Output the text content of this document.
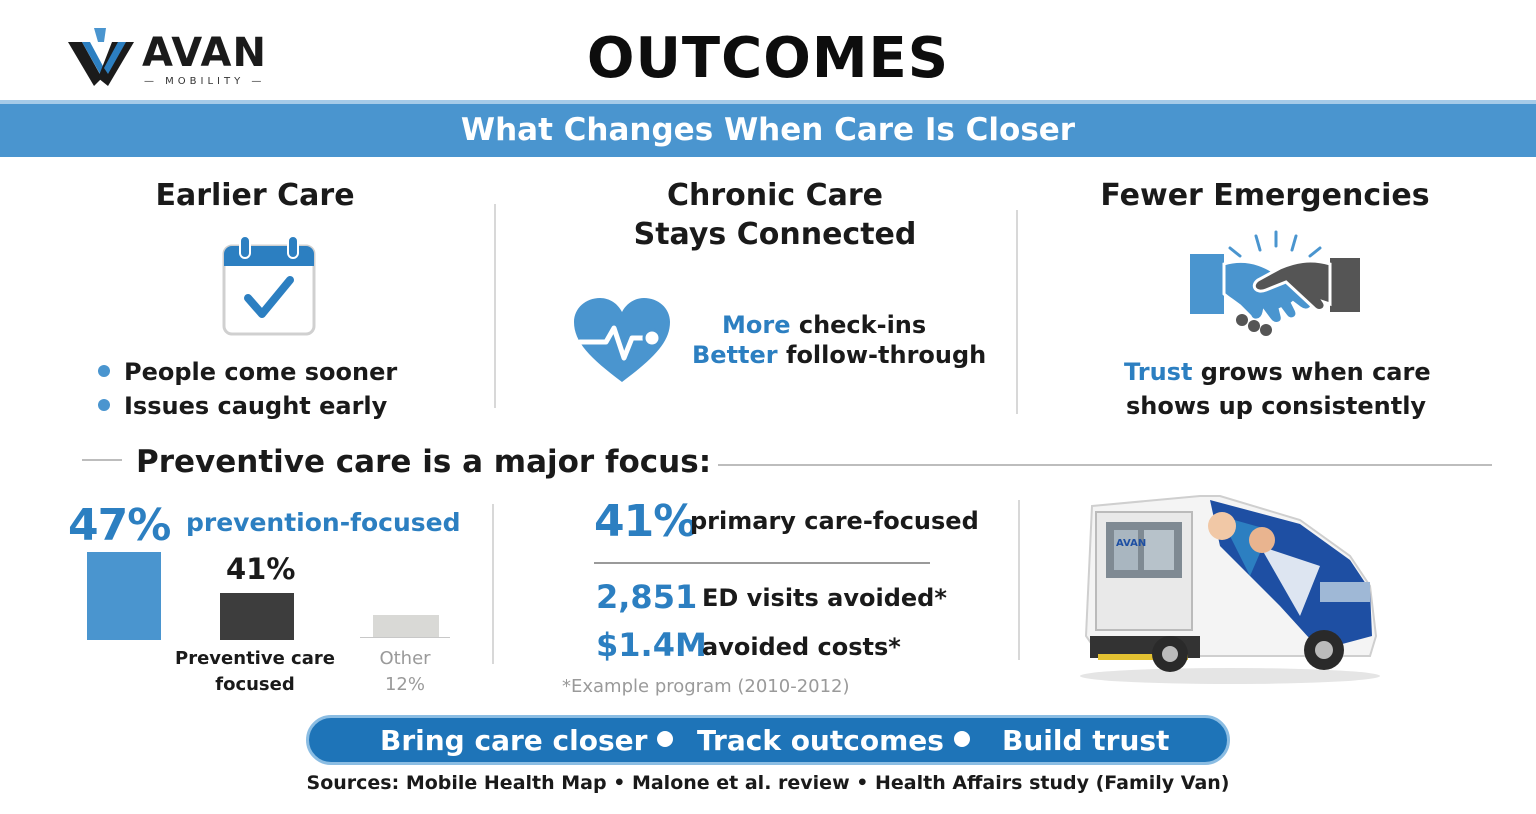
AVAN
— MOBILITY —	OUTCOMES
What Changes When Care Is Closer
Earlier Care
People come sooner
Issues caught early
Chronic Care
Stays Connected
More check-ins
Better follow-through
Fewer Emergencies
Trust grows when care
shows up consistently
Preventive care is a major focus:
47% prevention-focused
41%
Preventive care
focused
Other
12%
41%
primary care-focused
2,851 ED visits avoided*
$1.4M
avoided costs*
*Example program (2010-2012)
AVAN
Bring care closer	Track outcomes	Build trust
Sources: Mobile Health Map • Malone et al. review • Health Affairs study (Family Van)
